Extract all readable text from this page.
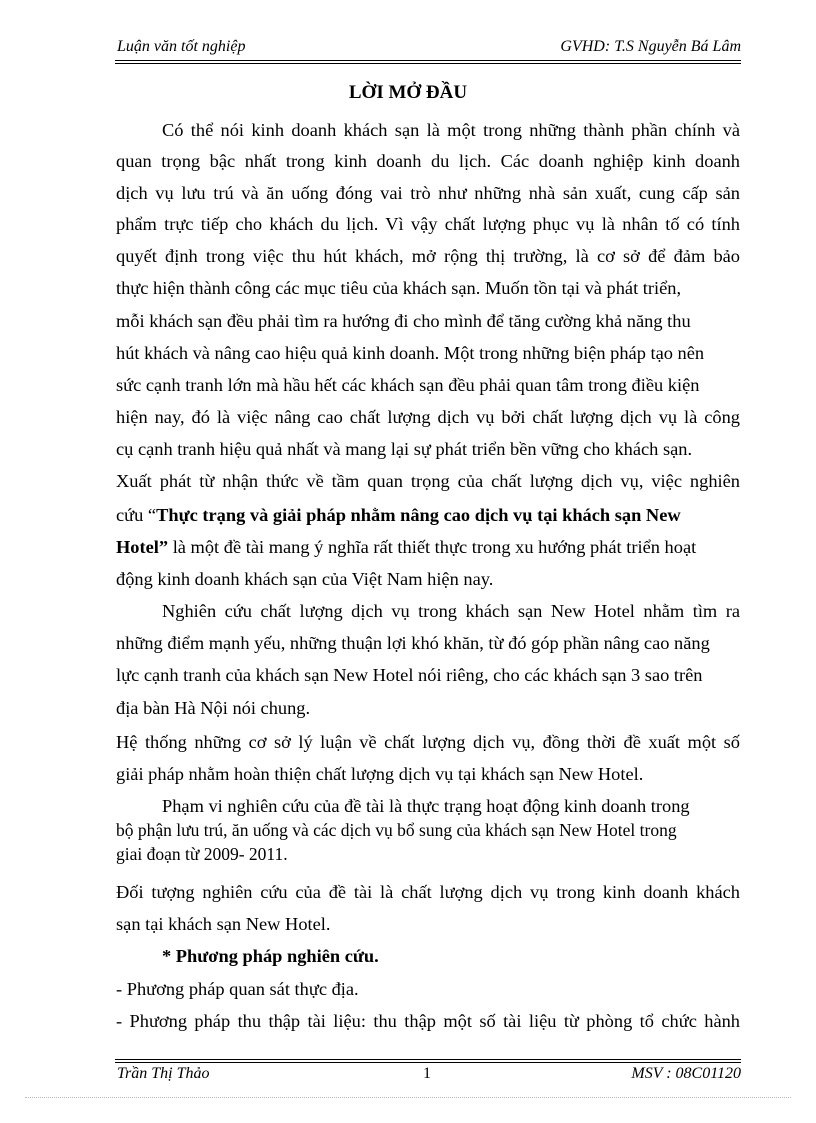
Luận văn tốt nghiệp	GVHD: T.S Nguyễn Bá Lâm
LỜI MỞ ĐẦU
Có thể nói kinh doanh khách sạn là một trong những thành phần chính và
quan trọng bậc nhất trong kinh doanh du lịch. Các doanh nghiệp kinh doanh
dịch vụ lưu trú và ăn uống đóng vai trò như những nhà sản xuất, cung cấp sản
phẩm trực tiếp cho khách du lịch. Vì vậy chất lượng phục vụ là nhân tố có tính
quyết định trong việc thu hút khách, mở rộng thị trường, là cơ sở để đảm bảo
thực hiện thành công các mục tiêu của khách sạn. Muốn tồn tại và phát triển,
mỗi khách sạn đều phải tìm ra hướng đi cho mình để tăng cường khả năng thu
hút khách và nâng cao hiệu quả kinh doanh. Một trong những biện pháp tạo nên
sức cạnh tranh lớn mà hầu hết các khách sạn đều phải quan tâm trong điều kiện
hiện nay, đó là việc nâng cao chất lượng dịch vụ bởi chất lượng dịch vụ là công
cụ cạnh tranh hiệu quả nhất và mang lại sự phát triển bền vững cho khách sạn.
Xuất phát từ nhận thức về tầm quan trọng của chất lượng dịch vụ, việc nghiên
cứu “Thực trạng và giải pháp nhằm nâng cao dịch vụ tại khách sạn New
Hotel” là một đề tài mang ý nghĩa rất thiết thực trong xu hướng phát triển hoạt
động kinh doanh khách sạn của Việt Nam hiện nay.
Nghiên cứu chất lượng dịch vụ trong khách sạn New Hotel nhằm tìm ra
những điểm mạnh yếu, những thuận lợi khó khăn, từ đó góp phần nâng cao năng
lực cạnh tranh của khách sạn New Hotel nói riêng, cho các khách sạn 3 sao trên
địa bàn Hà Nội nói chung.
Hệ thống những cơ sở lý luận về chất lượng dịch vụ, đồng thời đề xuất một số
giải pháp nhằm hoàn thiện chất lượng dịch vụ tại khách sạn New Hotel.
Phạm vi nghiên cứu của đề tài là thực trạng hoạt động kinh doanh trong
bộ phận lưu trú, ăn uống và các dịch vụ bổ sung của khách sạn New Hotel trong
giai đoạn từ 2009- 2011.
Đối tượng nghiên cứu của đề tài là chất lượng dịch vụ trong kinh doanh khách
sạn tại khách sạn New Hotel.
* Phương pháp nghiên cứu.
- Phương pháp quan sát thực địa.
- Phương pháp thu thập tài liệu: thu thập một số tài liệu từ phòng tổ chức hành
Trần Thị Thảo	1	MSV : 08C01120
